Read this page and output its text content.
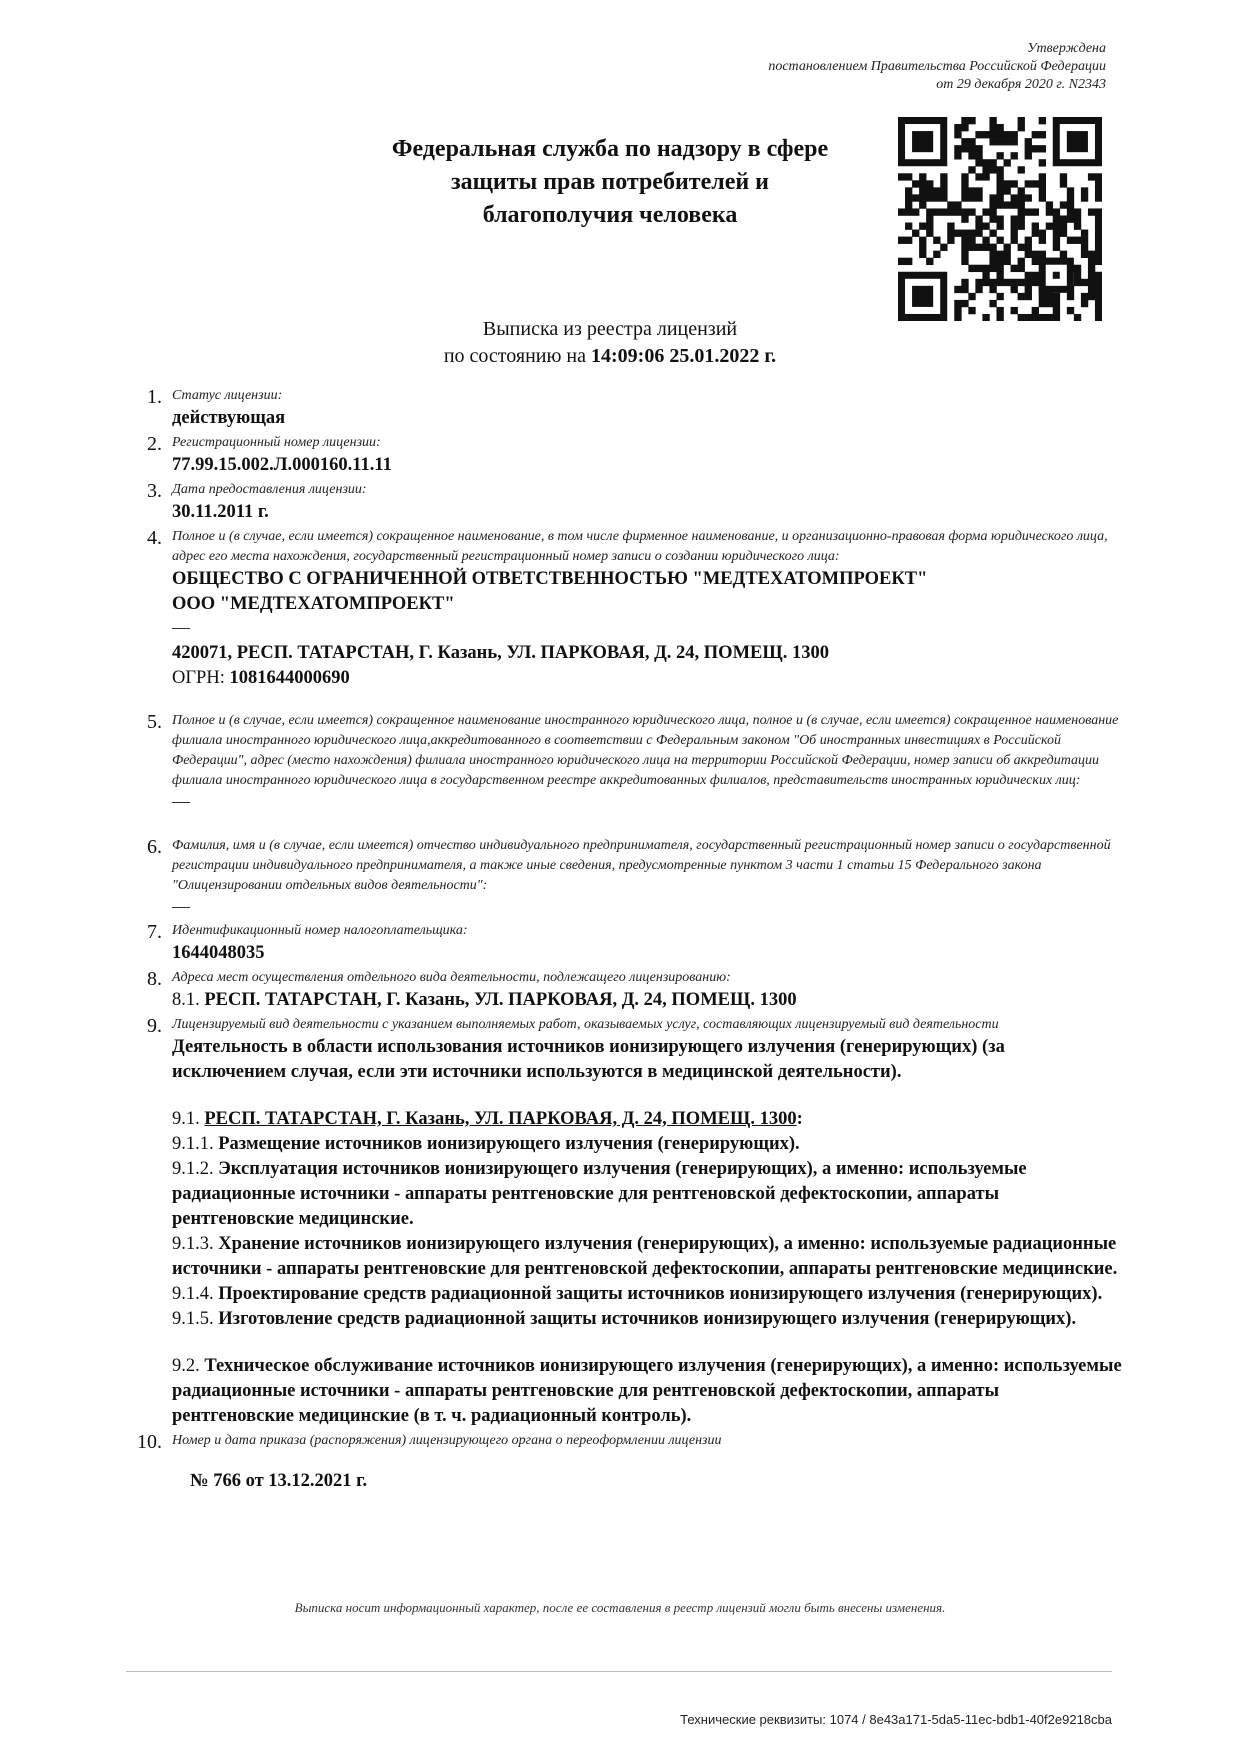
Утверждена
постановлением Правительства Российской Федерации
от 29 декабря 2020 г. N2343
Федеральная служба по надзору в сфере защиты прав потребителей и благополучия человека
Выписка из реестра лицензий
по состоянию на 14:09:06 25.01.2022 г.
1. Статус лицензии:
действующая
2. Регистрационный номер лицензии:
77.99.15.002.Л.000160.11.11
3. Дата предоставления лицензии:
30.11.2011 г.
4. Полное и (в случае, если имеется) сокращенное наименование, в том числе фирменное наименование, и организационно-правовая форма юридического лица, адрес его места нахождения, государственный регистрационный номер записи о создании юридического лица:
ОБЩЕСТВО С ОГРАНИЧЕННОЙ ОТВЕТСТВЕННОСТЬЮ "МЕДТЕХАТОМПРОЕКТ"
ООО "МЕДТЕХАТОМПРОЕКТ"
—
420071, РЕСП. ТАТАРСТАН, Г. Казань, УЛ. ПАРКОВАЯ, Д. 24, ПОМЕЩ. 1300
ОГРН: 1081644000690
5. Полное и (в случае, если имеется) сокращенное наименование иностранного юридического лица, полное и (в случае, если имеется) сокращенное наименование филиала иностранного юридического лица,аккредитованного в соответствии с Федеральным законом "Об иностранных инвестициях в Российской Федерации", адрес (место нахождения) филиала иностранного юридического лица на территории Российской Федерации, номер записи об аккредитации филиала иностранного юридического лица в государственном реестре аккредитованных филиалов, представительств иностранных юридических лиц:
—
6. Фамилия, имя и (в случае, если имеется) отчество индивидуального предпринимателя, государственный регистрационный номер записи о государственной регистрации индивидуального предпринимателя, а также иные сведения, предусмотренные пунктом 3 части 1 статьи 15 Федерального закона "Олицензировании отдельных видов деятельности":
—
7. Идентификационный номер налогоплательщика:
1644048035
8. Адреса мест осуществления отдельного вида деятельности, подлежащего лицензированию:
8.1. РЕСП. ТАТАРСТАН, Г. Казань, УЛ. ПАРКОВАЯ, Д. 24, ПОМЕЩ. 1300
9. Лицензируемый вид деятельности с указанием выполняемых работ, оказываемых услуг, составляющих лицензируемый вид деятельности
Деятельность в области использования источников ионизирующего излучения (генерирующих) (за исключением случая, если эти источники используются в медицинской деятельности).
9.1. РЕСП. ТАТАРСТАН, Г. Казань, УЛ. ПАРКОВАЯ, Д. 24, ПОМЕЩ. 1300:
9.1.1. Размещение источников ионизирующего излучения (генерирующих).
9.1.2. Эксплуатация источников ионизирующего излучения (генерирующих), а именно: используемые радиационные источники - аппараты рентгеновские для рентгеновской дефектоскопии, аппараты рентгеновские медицинские.
9.1.3. Хранение источников ионизирующего излучения (генерирующих), а именно: используемые радиационные источники - аппараты рентгеновские для рентгеновской дефектоскопии, аппараты рентгеновские медицинские.
9.1.4. Проектирование средств радиационной защиты источников ионизирующего излучения (генерирующих).
9.1.5. Изготовление средств радиационной защиты источников ионизирующего излучения (генерирующих).
9.2. Техническое обслуживание источников ионизирующего излучения (генерирующих), а именно: используемые радиационные источники - аппараты рентгеновские для рентгеновской дефектоскопии, аппараты рентгеновские медицинские (в т. ч. радиационный контроль).
10. Номер и дата приказа (распоряжения) лицензирующего органа о переоформлении лицензии
№ 766 от 13.12.2021 г.
Выписка носит информационный характер, после ее составления в реестр лицензий могли быть внесены изменения.
Технические реквизиты: 1074 / 8e43a171-5da5-11ec-bdb1-40f2e9218cba
